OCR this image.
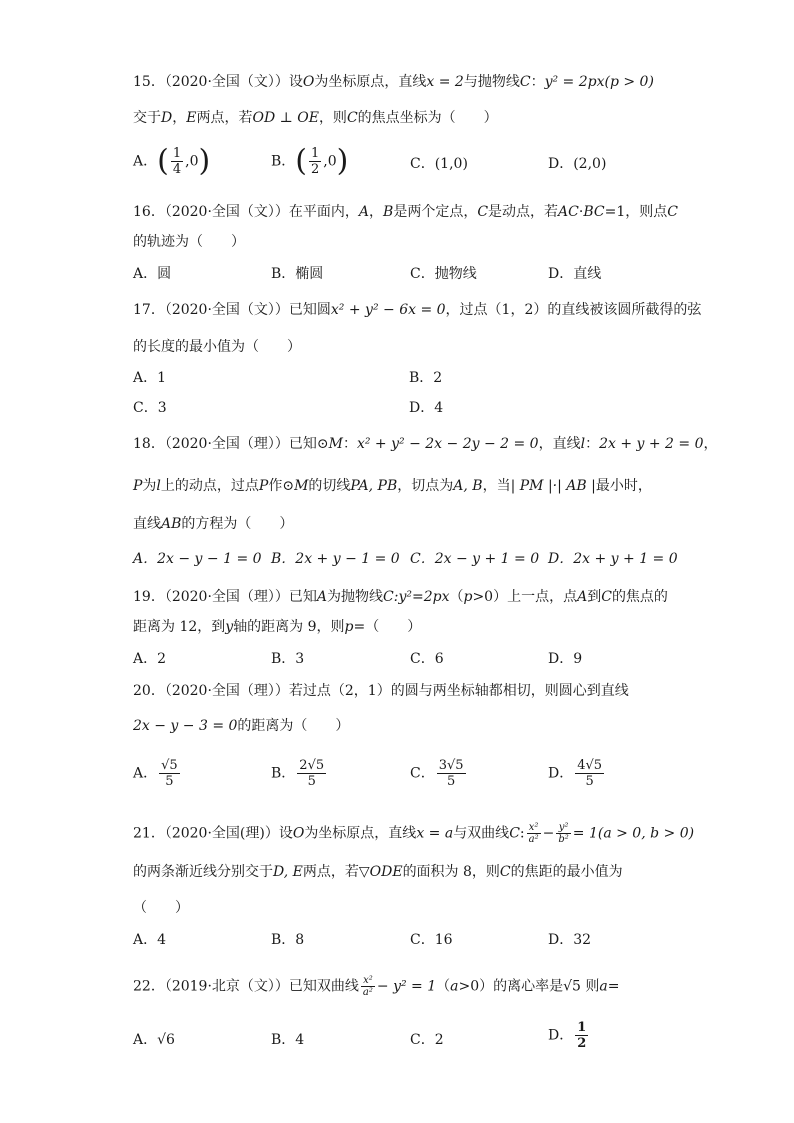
15．（2020·全国（文））设O为坐标原点，直线x = 2与抛物线C：y² = 2px(p > 0)
交于D，E两点，若OD ⊥ OE，则C的焦点坐标为（　　）
A．( $\frac{1}{4} ,0$)	B．( $\frac{1}{2} ,0$)	C．(1,0)	D．(2,0)
16．（2020·全国（文））在平面内，A，B是两个定点，C是动点，若AC·BC=1，则点C
的轨迹为（　　）
A．圆	B．椭圆	C．抛物线	D．直线
17．（2020·全国（文））已知圆x² + y² − 6x = 0，过点（1，2）的直线被该圆所截得的弦
的长度的最小值为（　　）
A．1	B．2
C．3	D．4
18．（2020·全国（理））已知⊙M：x² + y² − 2x − 2y − 2 = 0，直线l：2x + y + 2 = 0，
P为l上的动点，过点P作⊙M的切线PA, PB，切点为A, B，当| PM |·| AB |最小时，
直线AB的方程为（　　）
A．2x − y − 1 = 0 B．2x + y − 1 = 0 C．2x − y + 1 = 0 D．2x + y + 1 = 0
19．（2020·全国（理））已知A为抛物线C:y²=2px（p>0）上一点，点A到C的焦点的
距离为 12，到y轴的距离为 9，则p=（　　）
A．2	B．3	C．6	D．9
20．（2020·全国（理））若过点（2，1）的圆与两坐标轴都相切，则圆心到直线
2x − y − 3 = 0的距离为（　　）
A． $\frac{√5}{5}$	B． $\frac{2√5}{5}$	C． $\frac{3√5}{5}$	D． $\frac{4√5}{5}$
21．（2020·全国(理)）设O为坐标原点，直线x = a与双曲线C: $\frac{\text{x²}}{\text{a²}} - \frac{\text{y²}}{\text{b²}} = 1(a > 0$, b > 0)
的两条渐近线分别交于D, E两点，若▽ODE的面积为 8，则C的焦距的最小值为
（　　）
A．4	B．8	C．16	D．32
22．（2019·北京（文））已知双曲线 $\frac{\text{x²}}{\text{a²}} - y^2 = 1(a>0)$的离心率是√5 则a=
A．√6	B．4	C．2	D． $\frac{1}{2}$
